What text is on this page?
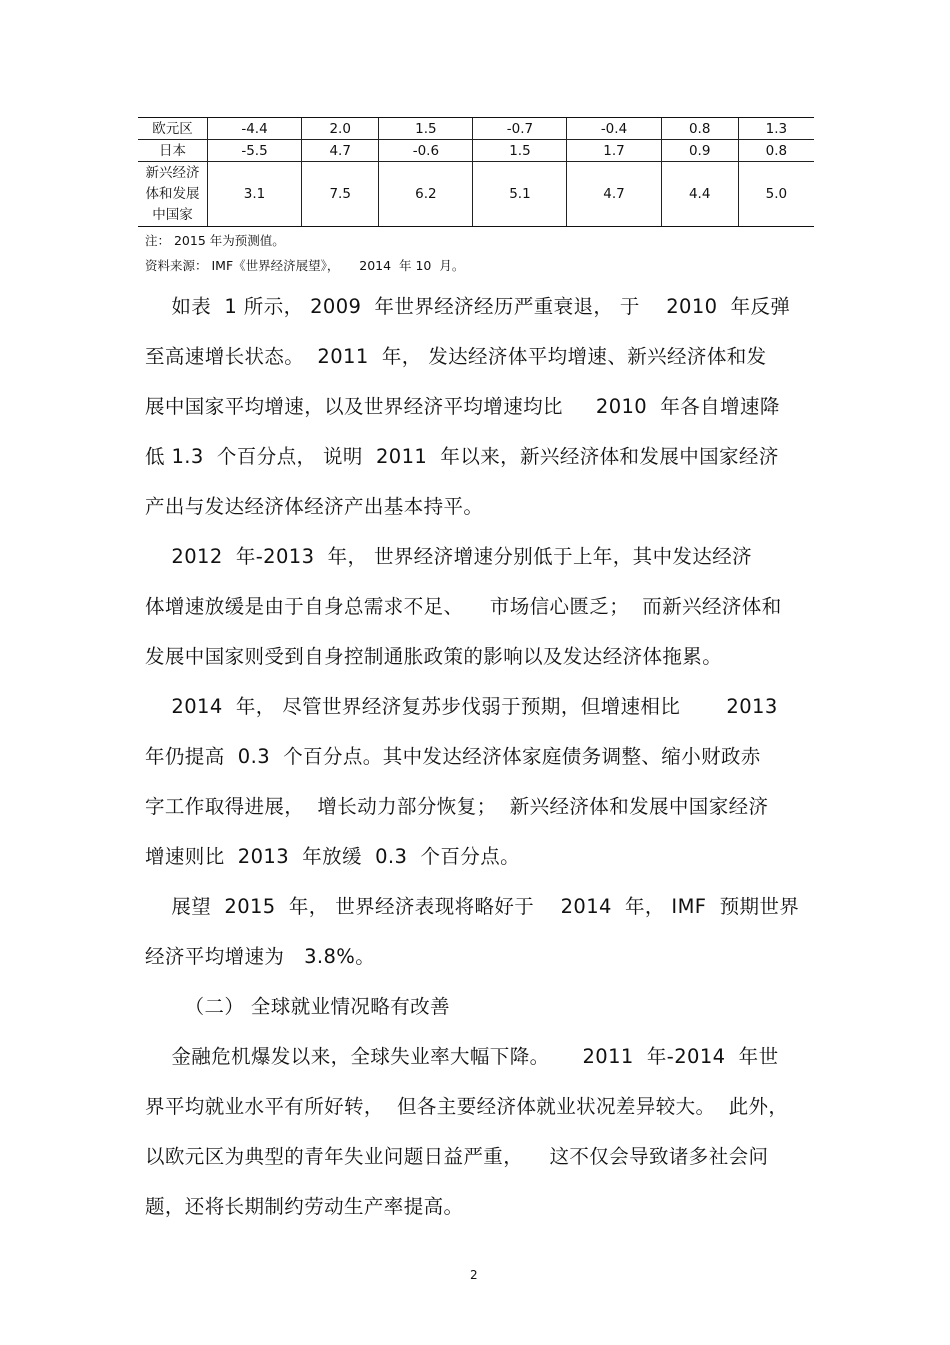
欧元区	-4.4	2.0	1.5	-0.7	-0.4	0.8	1.3
日本	-5.5	4.7	-0.6	1.5	1.7	0.9	0.8

新兴经济
体和发展
中国家	3.1	7.5	6.2	5.1	4.7	4.4	5.0
注： 2015 年为预测值。
资料来源： IMF《世界经济展望》，     2014  年 10  月。
如表  1 所示， 2009  年世界经济经历严重衰退， 于    2010  年反弹
至高速增长状态。  2011  年， 发达经济体平均增速、新兴经济体和发
展中国家平均增速，以及世界经济平均增速均比     2010  年各自增速降
低 1.3  个百分点， 说明  2011  年以来，新兴经济体和发展中国家经济
产出与发达经济体经济产出基本持平。
2012  年-2013  年， 世界经济增速分别低于上年，其中发达经济
体增速放缓是由于自身总需求不足、    市场信心匮乏；  而新兴经济体和
发展中国家则受到自身控制通胀政策的影响以及发达经济体拖累。
2014  年， 尽管世界经济复苏步伐弱于预期，但增速相比       2013
年仍提高  0.3  个百分点。其中发达经济体家庭债务调整、缩小财政赤
字工作取得进展，  增长动力部分恢复；  新兴经济体和发展中国家经济
增速则比  2013  年放缓  0.3  个百分点。
展望  2015  年， 世界经济表现将略好于    2014  年， IMF  预期世界
经济平均增速为   3.8%。
（二） 全球就业情况略有改善
金融危机爆发以来，全球失业率大幅下降。     2011  年-2014  年世
界平均就业水平有所好转，  但各主要经济体就业状况差异较大。  此外，
以欧元区为典型的青年失业问题日益严重，    这不仅会导致诸多社会问
题，还将长期制约劳动生产率提高。
2
